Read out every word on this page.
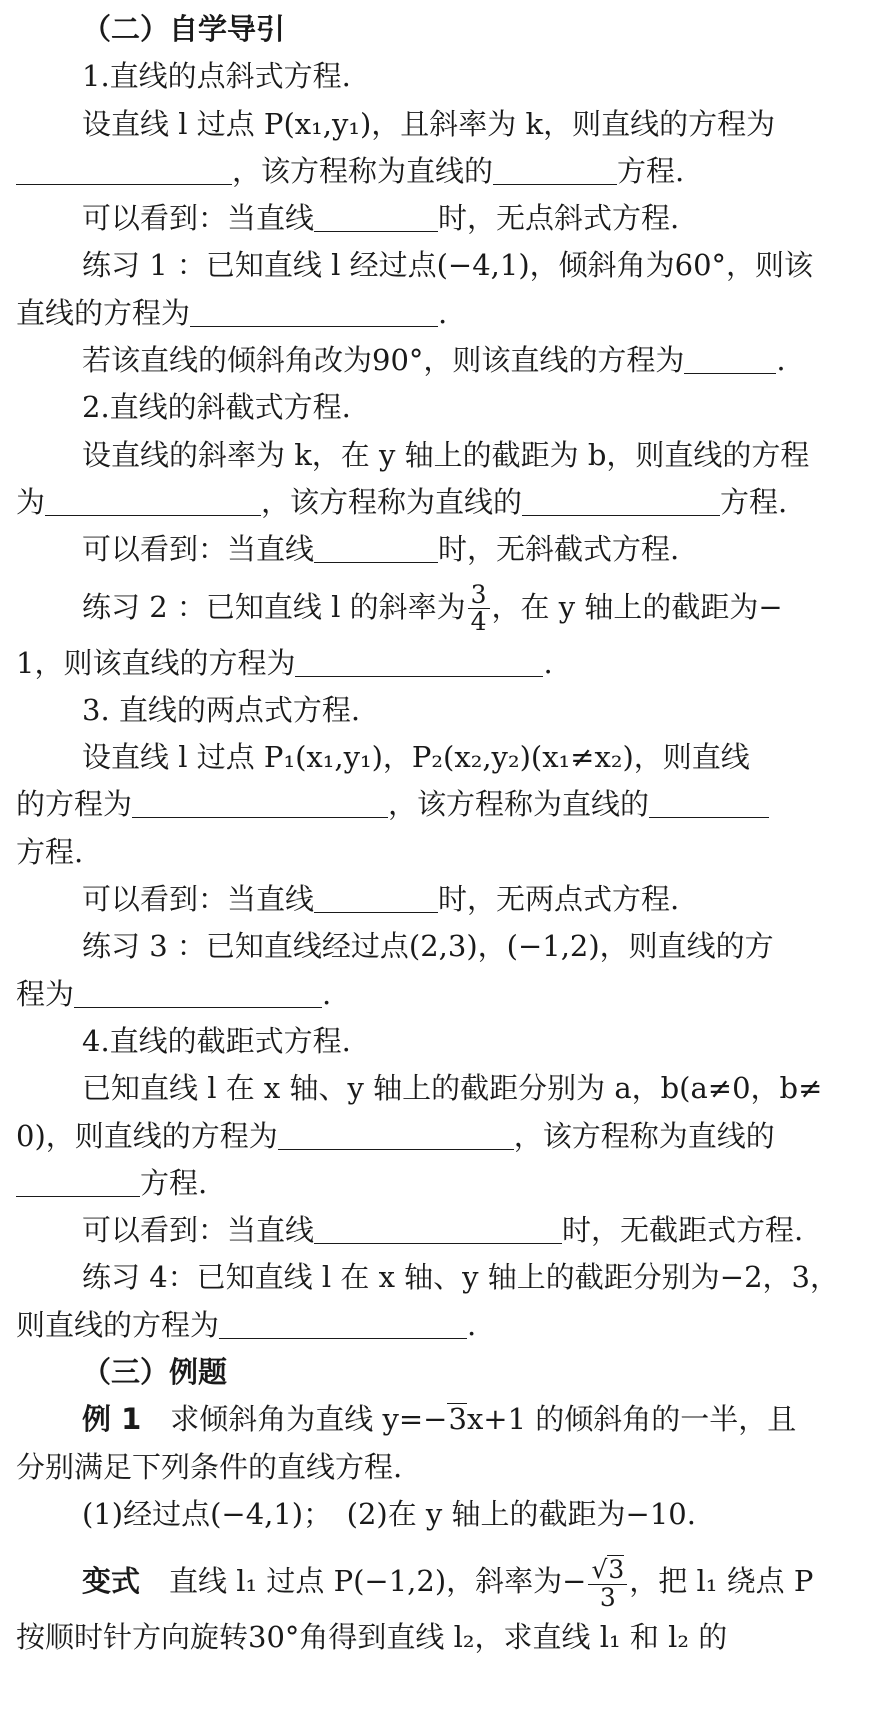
（二）自学导引
1.直线的点斜式方程.
设直线 l 过点 P(x₁,y₁)，且斜率为 k，则直线的方程为
，该方程称为直线的	方程.
可以看到：当直线	时，无点斜式方程.
练习 1 ：已知直线 l 经过点(−4,1)，倾斜角为60°，则该
直线的方程为	.
若该直线的倾斜角改为90°，则该直线的方程为	.
2.直线的斜截式方程.
设直线的斜率为 k，在 y 轴上的截距为 b，则直线的方程
为	，该方程称为直线的	方程.
可以看到：当直线	时，无斜截式方程.
练习 2 ：已知直线 l 的斜率为 $\frac{3}{4}$ ，在 y 轴上的截距为−
1，则该直线的方程为	.
3. 直线的两点式方程.
设直线 l 过点 P₁(x₁,y₁)，P₂(x₂,y₂)(x₁≠x₂)，则直线
的方程为	，该方程称为直线的
方程.
可以看到：当直线	时，无两点式方程.
练习 3 ：已知直线经过点(2,3)，(−1,2)，则直线的方
程为	.
4.直线的截距式方程.
已知直线 l 在 x 轴、y 轴上的截距分别为 a，b(a≠0，b≠
0)，则直线的方程为	，该方程称为直线的
方程.
可以看到：当直线	时，无截距式方程.
练习 4：已知直线 l 在 x 轴、y 轴上的截距分别为−2，3，
则直线的方程为	.
（三）例题
例 1  求倾斜角为直线 y=−3x+1 的倾斜角的一半，且
分别满足下列条件的直线方程.
(1)经过点(−4,1)；　(2)在 y 轴上的截距为−10.
变式  直线 l₁ 过点 P(−1,2)，斜率为− $\frac{√3}{3}$ ，把 l₁ 绕点 P
按顺时针方向旋转30°角得到直线 l₂，求直线 l₁ 和 l₂ 的
